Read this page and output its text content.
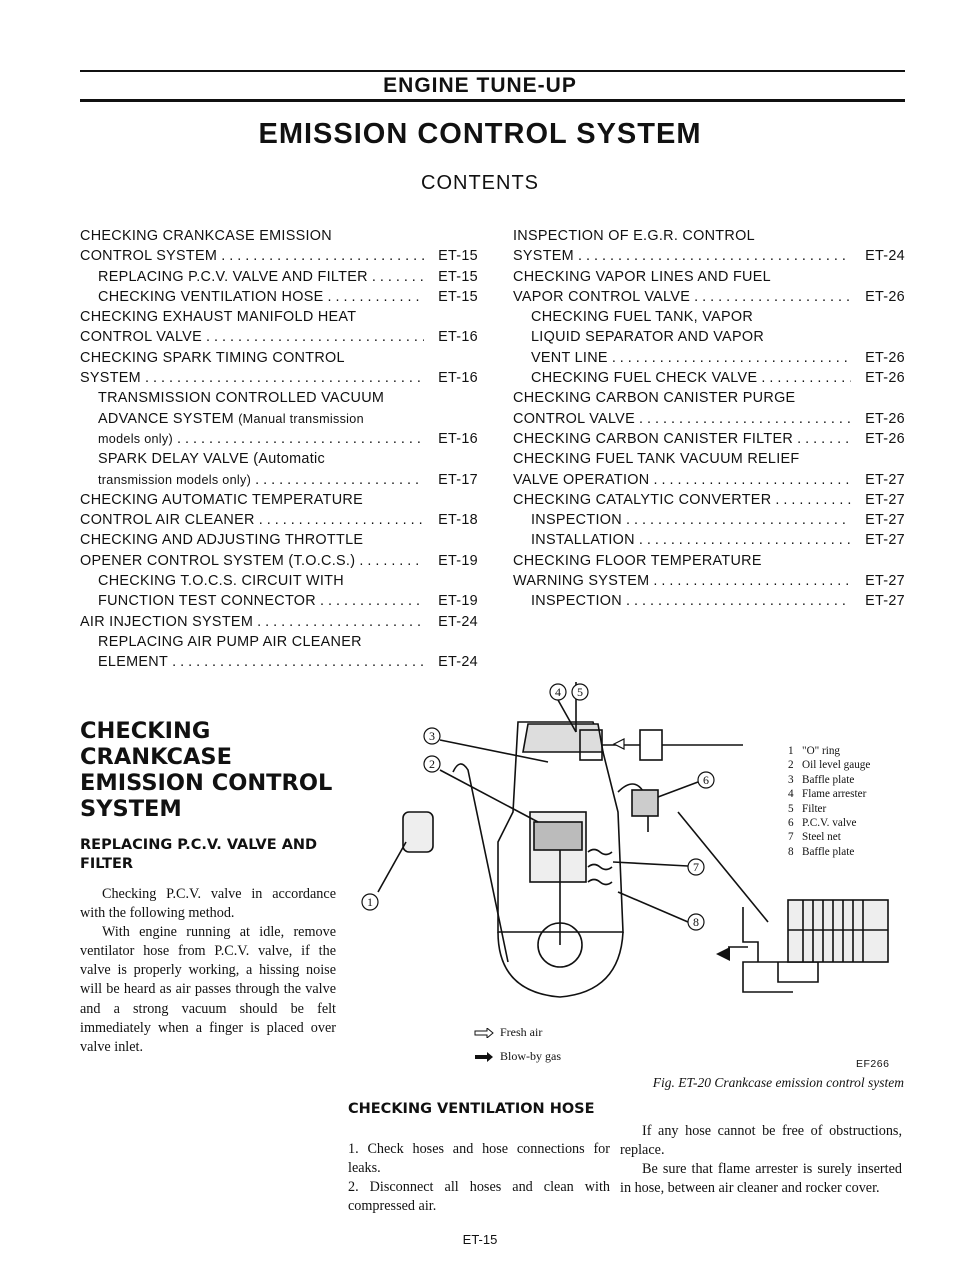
ENGINE TUNE-UP
EMISSION CONTROL SYSTEM
CONTENTS
CHECKING CRANKCASE EMISSION
CONTROL SYSTEM . . .	ET-15
REPLACING P.C.V. VALVE AND FILTER . . .	ET-15
CHECKING VENTILATION HOSE . . .	ET-15
CHECKING EXHAUST MANIFOLD HEAT
CONTROL VALVE . . .	ET-16
CHECKING SPARK TIMING CONTROL
SYSTEM . . .	ET-16
TRANSMISSION CONTROLLED VACUUM
ADVANCE SYSTEM (Manual transmission
models only) . . .	ET-16
SPARK DELAY VALVE (Automatic
transmission models only) . . .	ET-17
CHECKING AUTOMATIC TEMPERATURE
CONTROL AIR CLEANER . . .	ET-18
CHECKING AND ADJUSTING THROTTLE
OPENER CONTROL SYSTEM (T.O.C.S.) . . .	ET-19
CHECKING T.O.C.S. CIRCUIT WITH
FUNCTION TEST CONNECTOR . . .	ET-19
AIR INJECTION SYSTEM . . .	ET-24
REPLACING AIR PUMP AIR CLEANER
ELEMENT . . .	ET-24
INSPECTION OF E.G.R. CONTROL
SYSTEM . . .	ET-24
CHECKING VAPOR LINES AND FUEL
VAPOR CONTROL VALVE . . .	ET-26
CHECKING FUEL TANK, VAPOR
LIQUID SEPARATOR AND VAPOR
VENT LINE . . .	ET-26
CHECKING FUEL CHECK VALVE . . .	ET-26
CHECKING CARBON CANISTER PURGE
CONTROL VALVE . . .	ET-26
CHECKING CARBON CANISTER FILTER . . .	ET-26
CHECKING FUEL TANK VACUUM RELIEF
VALVE OPERATION . . .	ET-27
CHECKING CATALYTIC CONVERTER . . .	ET-27
INSPECTION . . .	ET-27
INSTALLATION . . .	ET-27
CHECKING FLOOR TEMPERATURE
WARNING SYSTEM . . .	ET-27
INSPECTION . . .	ET-27
CHECKING CRANKCASE EMISSION CONTROL SYSTEM
REPLACING P.C.V. VALVE AND FILTER

Checking P.C.V. valve in accordance with the following method.

With engine running at idle, remove ventilator hose from P.C.V. valve, if the valve is properly working, a hissing noise will be heard as air passes through the valve and a strong vacuum should be felt immediately when a finger is placed over valve inlet.

1
2
3
4 5
6
7
8
1 "O" ring
2 Oil level gauge
3 Baffle plate
4 Flame arrester
5 Filter
6 P.C.V. valve
7 Steel net
8 Baffle plate
Fresh air
Blow-by gas
EF266
Fig. ET-20 Crankcase emission control system
CHECKING VENTILATION HOSE

1. Check hoses and hose connections for leaks.

2. Disconnect all hoses and clean with compressed air.

If any hose cannot be free of obstructions, replace.

Be sure that flame arrester is surely inserted in hose, between air cleaner and rocker cover.

ET-15
